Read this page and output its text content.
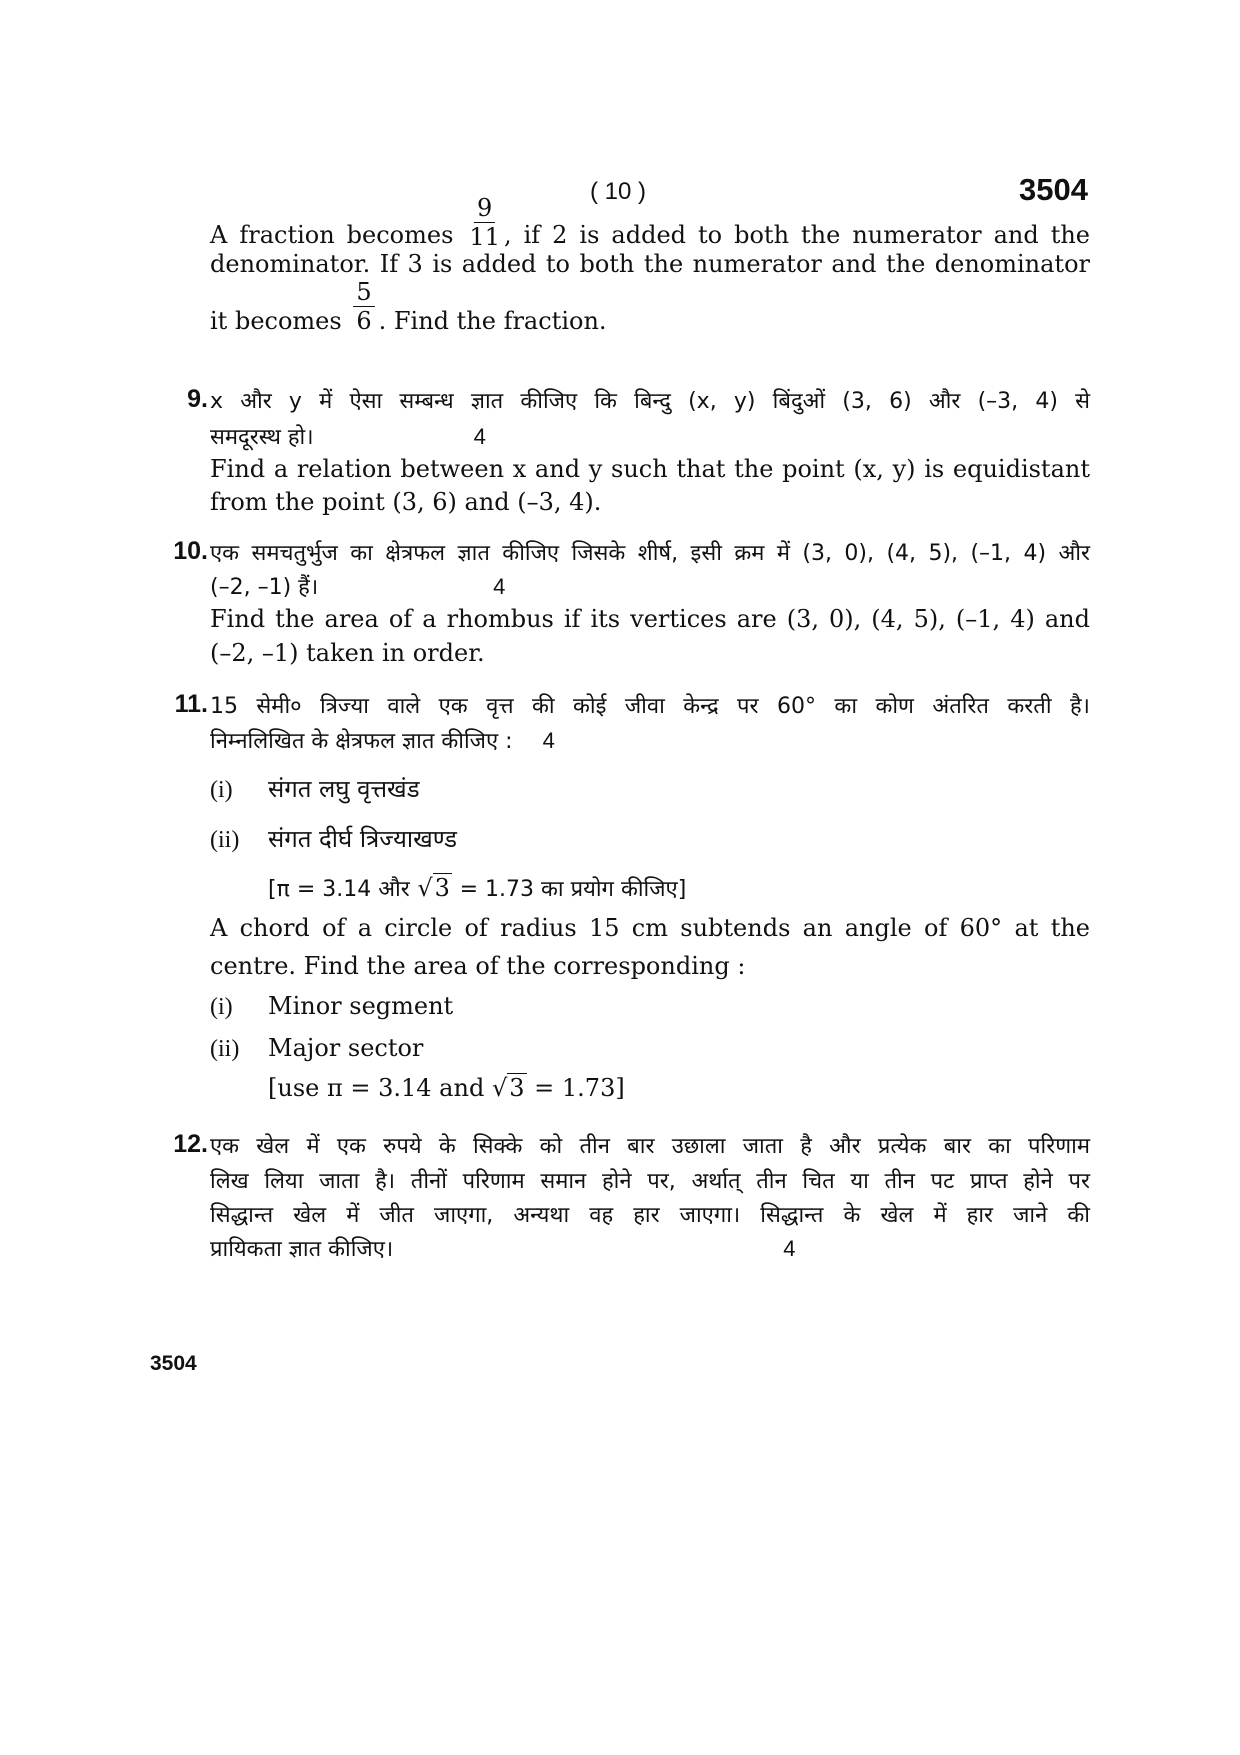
( 10 )	3504
A fraction becomes $\frac{9}{11}$ , if 2 is added to both the numerator and the
denominator. If 3 is added to both the numerator and the denominator
it becomes $\frac{5}{6}$ . Find the fraction.
9. x और y में ऐसा सम्बन्ध ज्ञात कीजिए कि बिन्दु (x, y) बिंदुओं (3, 6) और (–3, 4) से
समदूरस्थ हो।	4
Find a relation between x and y such that the point (x, y) is equidistant
from the point (3, 6) and (–3, 4).
10. एक समचतुर्भुज का क्षेत्रफल ज्ञात कीजिए जिसके शीर्ष, इसी क्रम में (3, 0), (4, 5), (–1, 4) और
(–2, –1) हैं।	4
Find the area of a rhombus if its vertices are (3, 0), (4, 5), (–1, 4) and
(–2, –1) taken in order.
11. 15 सेमी० त्रिज्या वाले एक वृत्त की कोई जीवा केन्द्र पर 60° का कोण अंतरित करती है।
निम्नलिखित के क्षेत्रफल ज्ञात कीजिए : 4
(i) संगत लघु वृत्तखंड
(ii) संगत दीर्घ त्रिज्याखण्ड
[π = 3.14 और √3 = 1.73 का प्रयोग कीजिए]
A chord of a circle of radius 15 cm subtends an angle of 60° at the
centre. Find the area of the corresponding :
(i) Minor segment
(ii) Major sector
[use π = 3.14 and √3 = 1.73]
12. एक खेल में एक रुपये के सिक्के को तीन बार उछाला जाता है और प्रत्येक बार का परिणाम
लिख लिया जाता है। तीनों परिणाम समान होने पर, अर्थात् तीन चित या तीन पट प्राप्त होने पर
सिद्धान्त खेल में जीत जाएगा, अन्यथा वह हार जाएगा। सिद्धान्त के खेल में हार जाने की
प्रायिकता ज्ञात कीजिए।	4
3504
